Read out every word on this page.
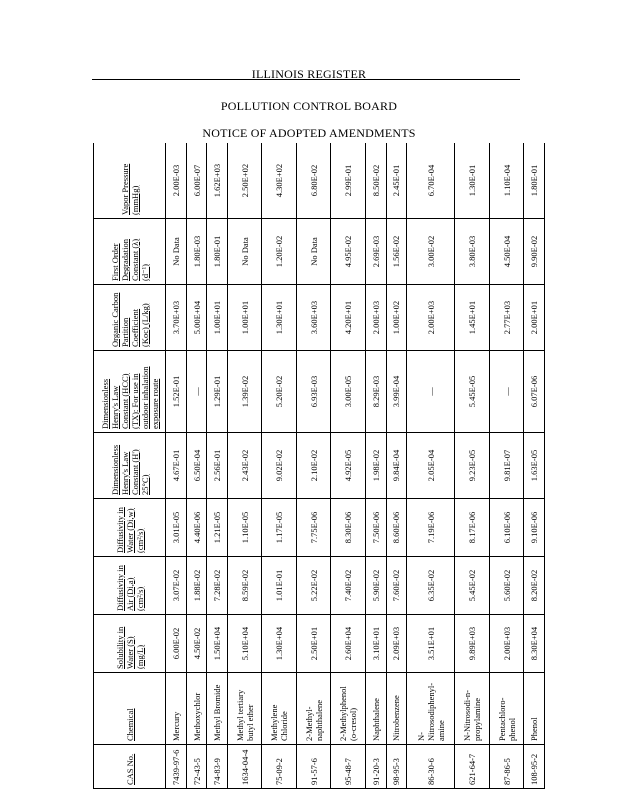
ILLINOIS REGISTER
POLLUTION CONTROL BOARD
NOTICE OF ADOPTED AMENDMENTS
CAS No.	Chemical	Solubility in Water (S) (mg/L)	Diffusivity in Air (Di,a) (cm²/s)	Diffusivity in Water (Di,w) (cm²/s)	Dimensionless Henry's Law Constant (H') 25°C)	Dimensionless Henry's Law Constant (HCC) (TX): For use in outdoor inhalation exposure route	Organic Carbon Partition Coefficient (Koc) (L/kg)	First Order Degradation Constant (λ) (d⁻¹)	Vapor Pressure (mmHg)
7439-97-6	Mercury	6.00E-02	3.07E-02	3.01E-05	4.67E-01	1.52E-01	3.70E+03	No Data	2.00E-03
72-43-5	Methoxychlor	4.50E-02	1.88E-02	4.40E-06	6.50E-04	—	5.00E+04	1.80E-03	6.00E-07
74-83-9	Methyl Bromide	1.50E+04	7.28E-02	1.21E-05	2.56E-01	1.29E-01	1.00E+01	1.80E-01	1.62E+03
1634-04-4	Methyl tertiary butyl ether	5.10E+04	8.59E-02	1.10E-05	2.43E-02	1.39E-02	1.00E+01	No Data	2.50E+02
75-09-2	Methylene Chloride	1.30E+04	1.01E-01	1.17E-05	9.02E-02	5.20E-02	1.30E+01	1.20E-02	4.30E+02
91-57-6	2-Methyl-naphthalene	2.50E+01	5.22E-02	7.75E-06	2.10E-02	6.93E-03	3.60E+03	No Data	6.80E-02
95-48-7	2-Methylphenol (o-cresol)	2.60E+04	7.40E-02	8.30E-06	4.92E-05	3.00E-05	4.20E+01	4.95E-02	2.99E-01
91-20-3	Naphthalene	3.10E+01	5.90E-02	7.50E-06	1.98E-02	8.29E-03	2.00E+03	2.69E-03	8.50E-02
98-95-3	Nitrobenzene	2.09E+03	7.60E-02	8.60E-06	9.84E-04	3.99E-04	1.00E+02	1.56E-02	2.45E-01
86-30-6	N-Nitrosodiphenyl-amine	3.51E+01	6.35E-02	7.19E-06	2.05E-04	—	2.00E+03	3.00E-02	6.70E-04
621-64-7	N-Nitrosodi-n-propylamine	9.89E+03	5.45E-02	8.17E-06	9.23E-05	5.45E-05	1.45E+01	3.80E-03	1.30E-01
87-86-5	Pentachloro-phenol	2.00E+03	5.60E-02	6.10E-06	9.81E-07	—	2.77E+03	4.50E-04	1.10E-04
108-95-2	Phenol	8.30E+04	8.20E-02	9.10E-06	1.63E-05	6.07E-06	2.00E+01	9.90E-02	1.80E-01
